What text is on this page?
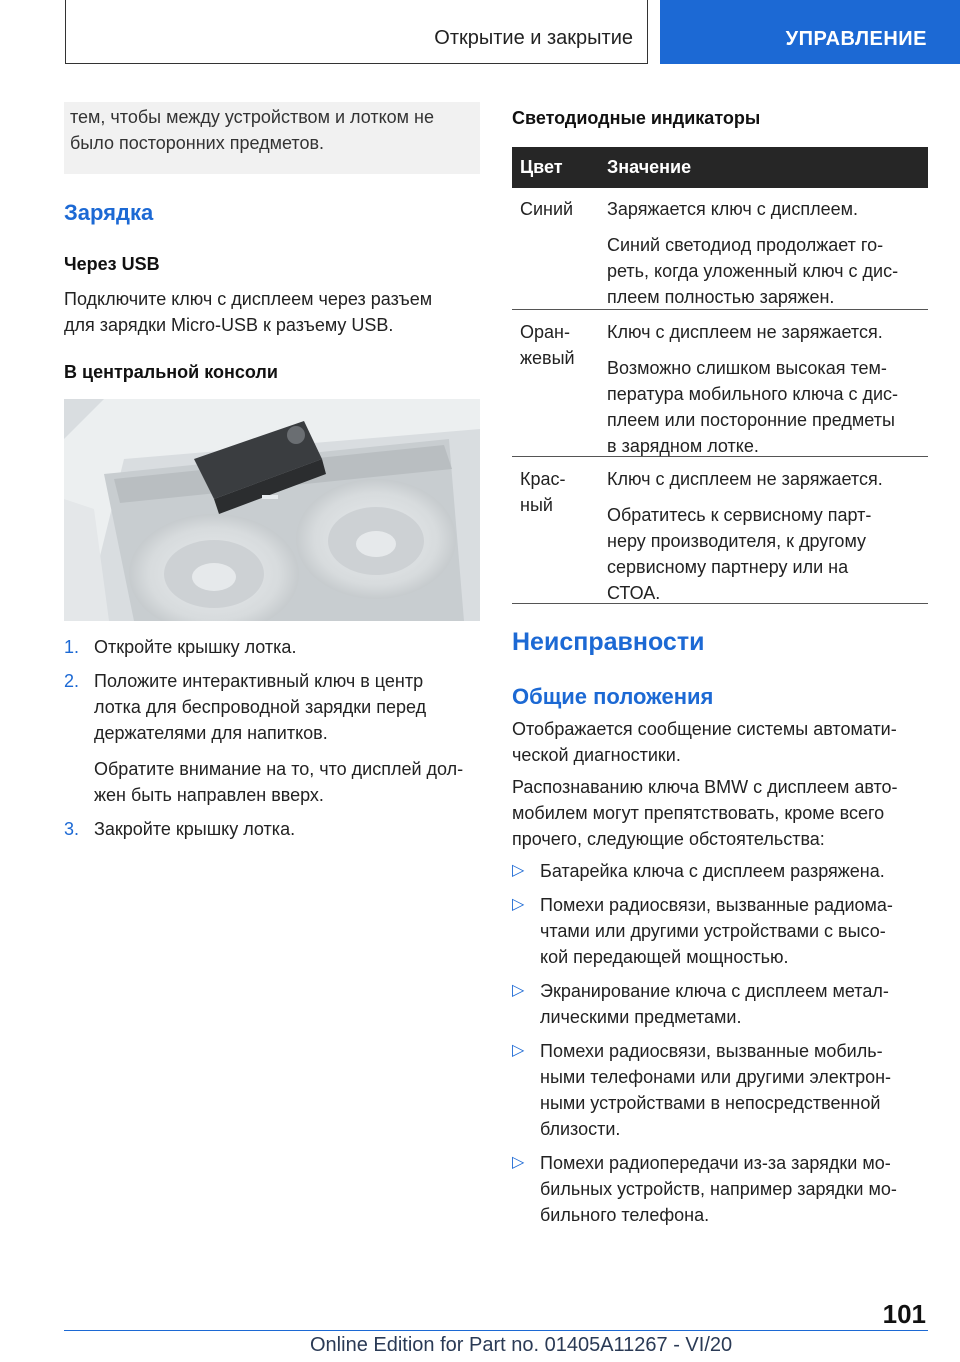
Открытие и закрытие	УПРАВЛЕНИЕ

тем, чтобы между устройством и лотком не

было посторонних предметов.

Зарядка
Через USB

Подключите ключ с дисплеем через разъем

для зарядки Micro-USB к разъему USB.

В центральной консоли
1. Откройте крышку лотка.

2. Положите интерактивный ключ в центр

лотка для беспроводной зарядки перед

держателями для напитков.

Обратите внимание на то, что дисплей дол-

жен быть направлен вверх.

3. Закройте крышку лотка.

Светодиодные индикаторы
Цвет Значение

Синий Заряжается ключ с дисплеем.

Синий светодиод продолжает го-

реть, когда уложенный ключ с дис-

плеем полностью заряжен.

Оран-

жевый

Ключ с дисплеем не заряжается.

Возможно слишком высокая тем-

пература мобильного ключа с дис-

плеем или посторонние предметы

в зарядном лотке.

Крас-

ный

Ключ с дисплеем не заряжается.

Обратитесь к сервисному парт-

неру производителя, к другому

сервисному партнеру или на

СТОА.

Неисправности
Общие положения

Отображается сообщение системы автомати-

ческой диагностики.

Распознаванию ключа BMW с дисплеем авто-

мобилем могут препятствовать, кроме всего

прочего, следующие обстоятельства:

▷ Батарейка ключа с дисплеем разряжена.

▷ Помехи радиосвязи, вызванные радиома-

чтами или другими устройствами с высо-

кой передающей мощностью.

▷ Экранирование ключа с дисплеем метал-

лическими предметами.

▷ Помехи радиосвязи, вызванные мобиль-

ными телефонами или другими электрон-

ными устройствами в непосредственной

близости.

▷ Помехи радиопередачи из-за зарядки мо-

бильных устройств, например зарядки мо-

бильного телефона.

101
Online Edition for Part no. 01405A11267 - VI/20
